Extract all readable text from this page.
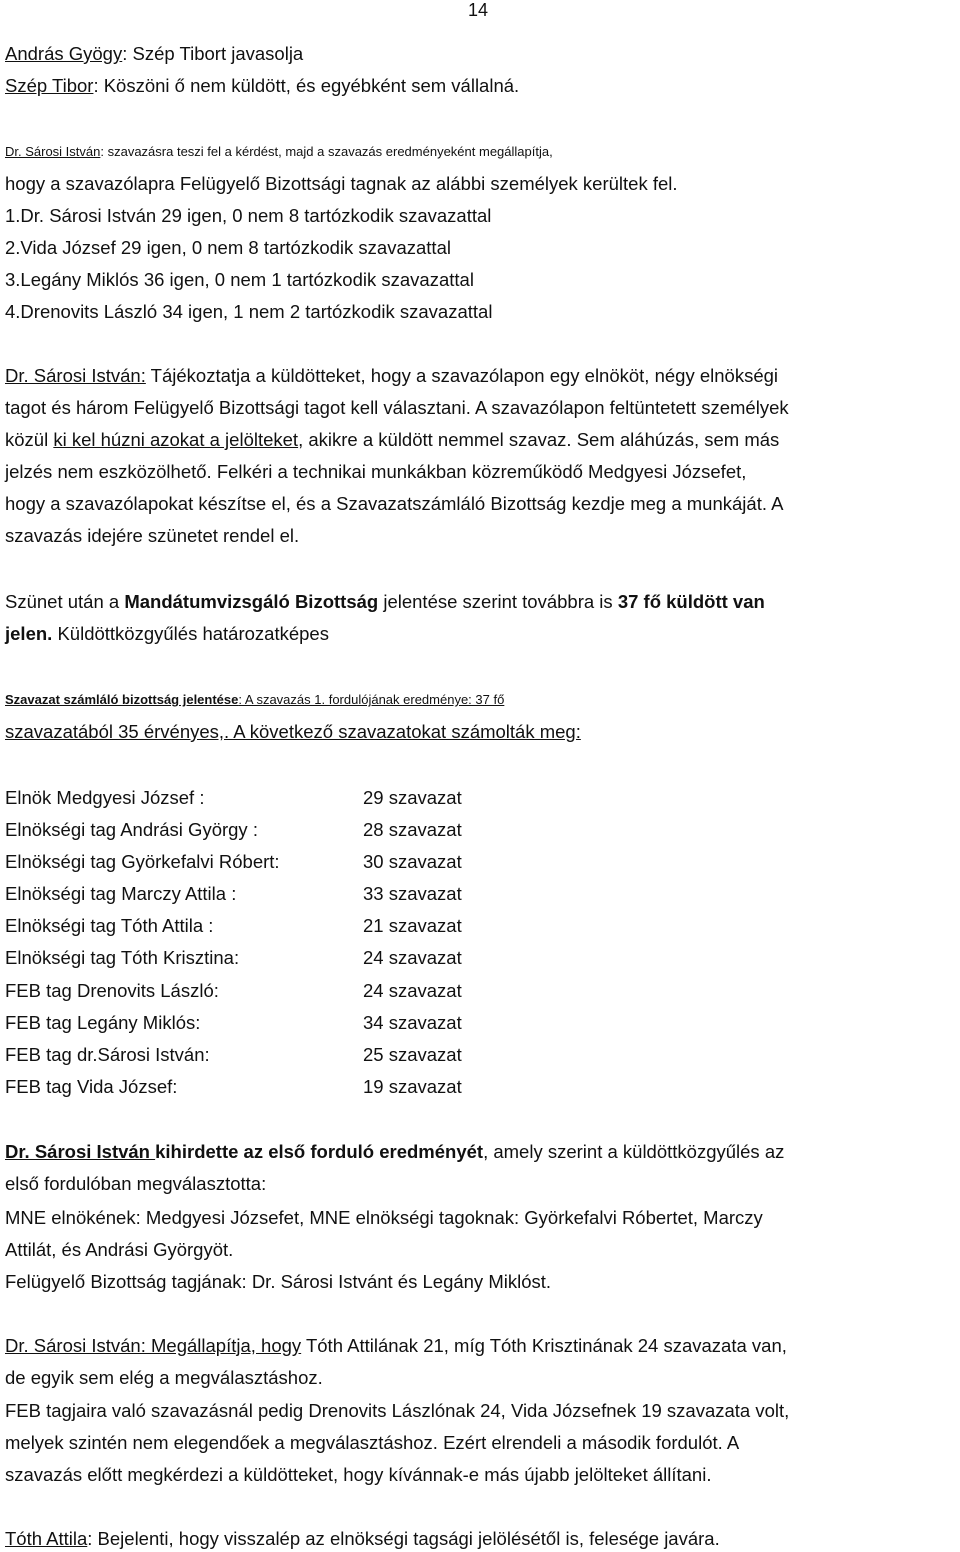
14
András Gyögy: Szép Tibort javasolja
Szép Tibor: Köszöni ő nem küldött, és egyébként sem vállalná.
Dr. Sárosi István: szavazásra teszi fel a kérdést, majd a szavazás eredményeként megállapítja,
hogy a szavazólapra Felügyelő Bizottsági tagnak az alábbi személyek kerültek fel.
1.Dr. Sárosi István 29 igen, 0 nem 8 tartózkodik szavazattal
2.Vida József 29 igen, 0 nem 8 tartózkodik szavazattal
3.Legány Miklós 36 igen, 0 nem 1 tartózkodik szavazattal
4.Drenovits László 34 igen, 1 nem 2 tartózkodik szavazattal
Dr. Sárosi István: Tájékoztatja a küldötteket, hogy a szavazólapon egy elnököt, négy elnökségi
tagot és három Felügyelő Bizottsági tagot kell választani. A szavazólapon feltüntetett személyek
közül ki kel húzni azokat a jelölteket, akikre a küldött nemmel szavaz. Sem aláhúzás, sem más
jelzés nem eszközölhető. Felkéri a technikai munkákban közreműködő Medgyesi Józsefet,
hogy a szavazólapokat készítse el, és a Szavazatszámláló Bizottság kezdje meg a munkáját. A
szavazás idejére szünetet rendel el.
Szünet után a Mandátumvizsgáló Bizottság jelentése szerint továbbra is 37 fő küldött van
jelen. Küldöttközgyűlés határozatképes
Szavazat számláló bizottság jelentése: A szavazás 1. fordulójának eredménye: 37 fő
szavazatából 35 érvényes,. A következő szavazatokat számolták meg:
Elnök Medgyesi József :	29 szavazat
Elnökségi tag Andrási György :	28 szavazat
Elnökségi tag Györkefalvi Róbert:	30 szavazat
Elnökségi tag Marczy Attila :	33 szavazat
Elnökségi tag Tóth Attila :	21 szavazat
Elnökségi tag Tóth Krisztina:	24 szavazat
FEB tag Drenovits László:	24 szavazat
FEB tag Legány Miklós:	34 szavazat
FEB tag dr.Sárosi István:	25 szavazat
FEB tag Vida József:	19 szavazat
Dr. Sárosi István kihirdette az első forduló eredményét, amely szerint a küldöttközgyűlés az
első fordulóban megválasztotta:
MNE elnökének: Medgyesi Józsefet, MNE elnökségi tagoknak: Györkefalvi Róbertet, Marczy
Attilát, és Andrási Györgyöt.
Felügyelő Bizottság tagjának: Dr. Sárosi Istvánt és Legány Miklóst.
Dr. Sárosi István: Megállapítja, hogy Tóth Attilának 21, míg Tóth Krisztinának 24 szavazata van,
de egyik sem elég a megválasztáshoz.
FEB tagjaira való szavazásnál pedig Drenovits Lászlónak 24, Vida Józsefnek 19 szavazata volt,
melyek szintén nem elegendőek a megválasztáshoz. Ezért elrendeli a második fordulót. A
szavazás előtt megkérdezi a küldötteket, hogy kívánnak-e más újabb jelölteket állítani.
Tóth Attila: Bejelenti, hogy visszalép az elnökségi tagsági jelölésétől is, felesége javára.
